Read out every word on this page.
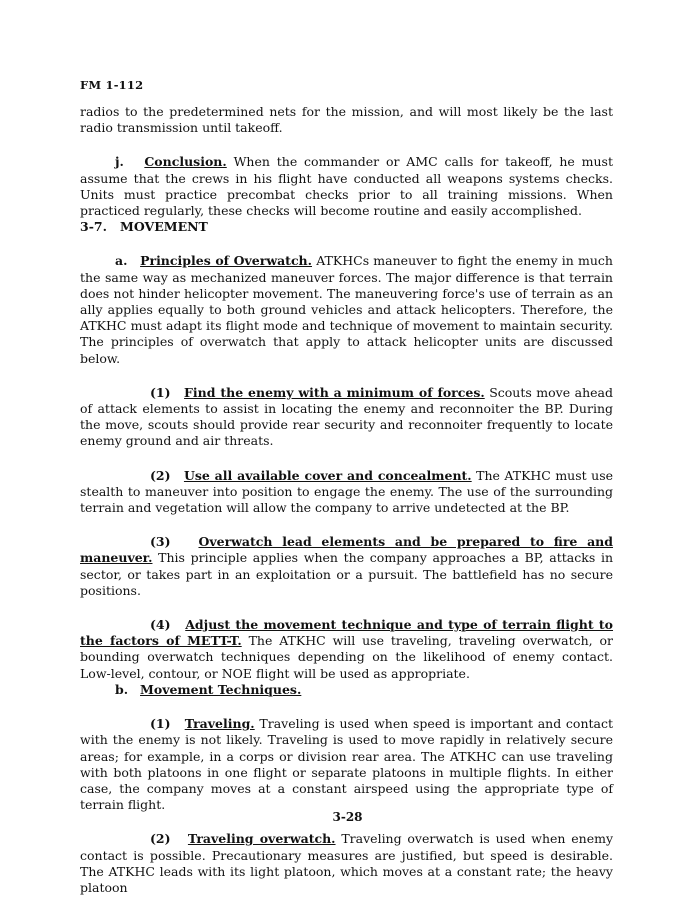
FM 1-112

radios to the predetermined nets for the mission, and will most likely be the last radio transmission until takeoff.

j. Conclusion. When the commander or AMC calls for takeoff, he must assume that the crews in his flight have conducted all weapons systems checks. Units must practice precombat checks prior to all training missions. When practiced regularly, these checks will become routine and easily accomplished.

3-7. MOVEMENT

a. Principles of Overwatch. ATKHCs maneuver to fight the enemy in much the same way as mechanized maneuver forces. The major difference is that terrain does not hinder helicopter movement. The maneuvering force's use of terrain as an ally applies equally to both ground vehicles and attack helicopters. Therefore, the ATKHC must adapt its flight mode and technique of movement to maintain security. The principles of overwatch that apply to attack helicopter units are discussed below.

(1) Find the enemy with a minimum of forces. Scouts move ahead of attack elements to assist in locating the enemy and reconnoiter the BP. During the move, scouts should provide rear security and reconnoiter frequently to locate enemy ground and air threats.

(2) Use all available cover and concealment. The ATKHC must use stealth to maneuver into position to engage the enemy. The use of the surrounding terrain and vegetation will allow the company to arrive undetected at the BP.

(3) Overwatch lead elements and be prepared to fire and maneuver. This principle applies when the company approaches a BP, attacks in sector, or takes part in an exploitation or a pursuit. The battlefield has no secure positions.

(4) Adjust the movement technique and type of terrain flight to the factors of METT-T. The ATKHC will use traveling, traveling overwatch, or bounding overwatch techniques depending on the likelihood of enemy contact. Low-level, contour, or NOE flight will be used as appropriate.

b. Movement Techniques.

(1) Traveling. Traveling is used when speed is important and contact with the enemy is not likely. Traveling is used to move rapidly in relatively secure areas; for example, in a corps or division rear area. The ATKHC can use traveling with both platoons in one flight or separate platoons in multiple flights. In either case, the company moves at a constant airspeed using the appropriate type of terrain flight.

(2) Traveling overwatch. Traveling overwatch is used when enemy contact is possible. Precautionary measures are justified, but speed is desirable. The ATKHC leads with its light platoon, which moves at a constant rate; the heavy platoon

3-28
